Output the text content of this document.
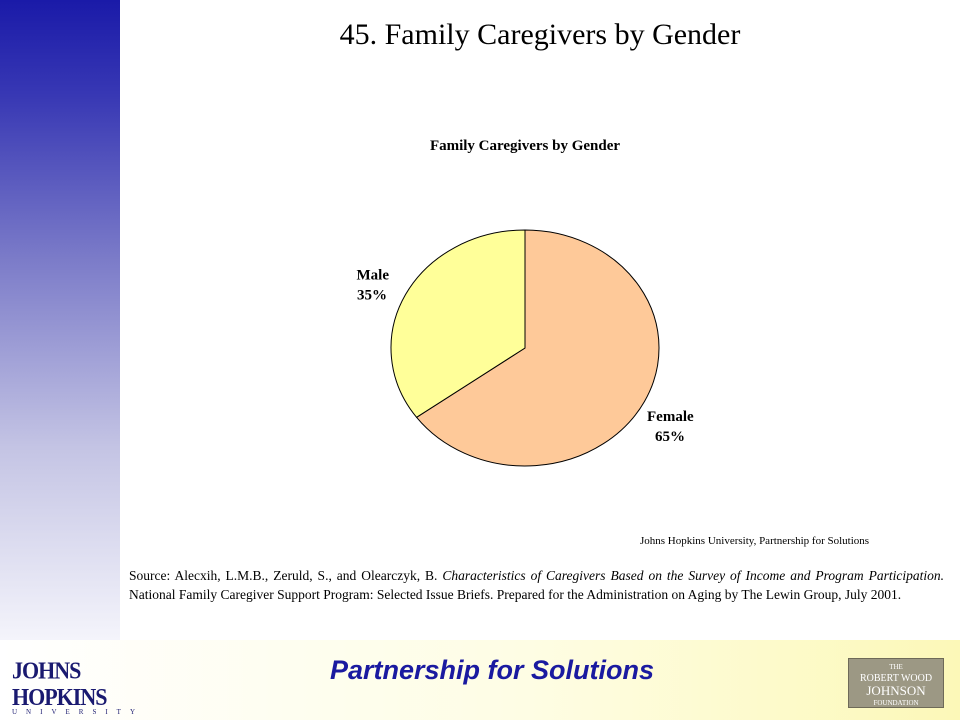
45. Family Caregivers by Gender
Family Caregivers by Gender
Female
65%
Male
35%
Johns Hopkins University, Partnership for Solutions
Source: Alecxih, L.M.B., Zeruld, S., and Olearczyk, B. Characteristics of Caregivers Based on the Survey of Income and Program Participation. National Family Caregiver Support Program: Selected Issue Briefs. Prepared for the Administration on Aging by The Lewin Group, July 2001.
JOHNS HOPKINS
UNIVERSITY
Partnership for Solutions	THE
ROBERT WOOD
JOHNSON
FOUNDATION
